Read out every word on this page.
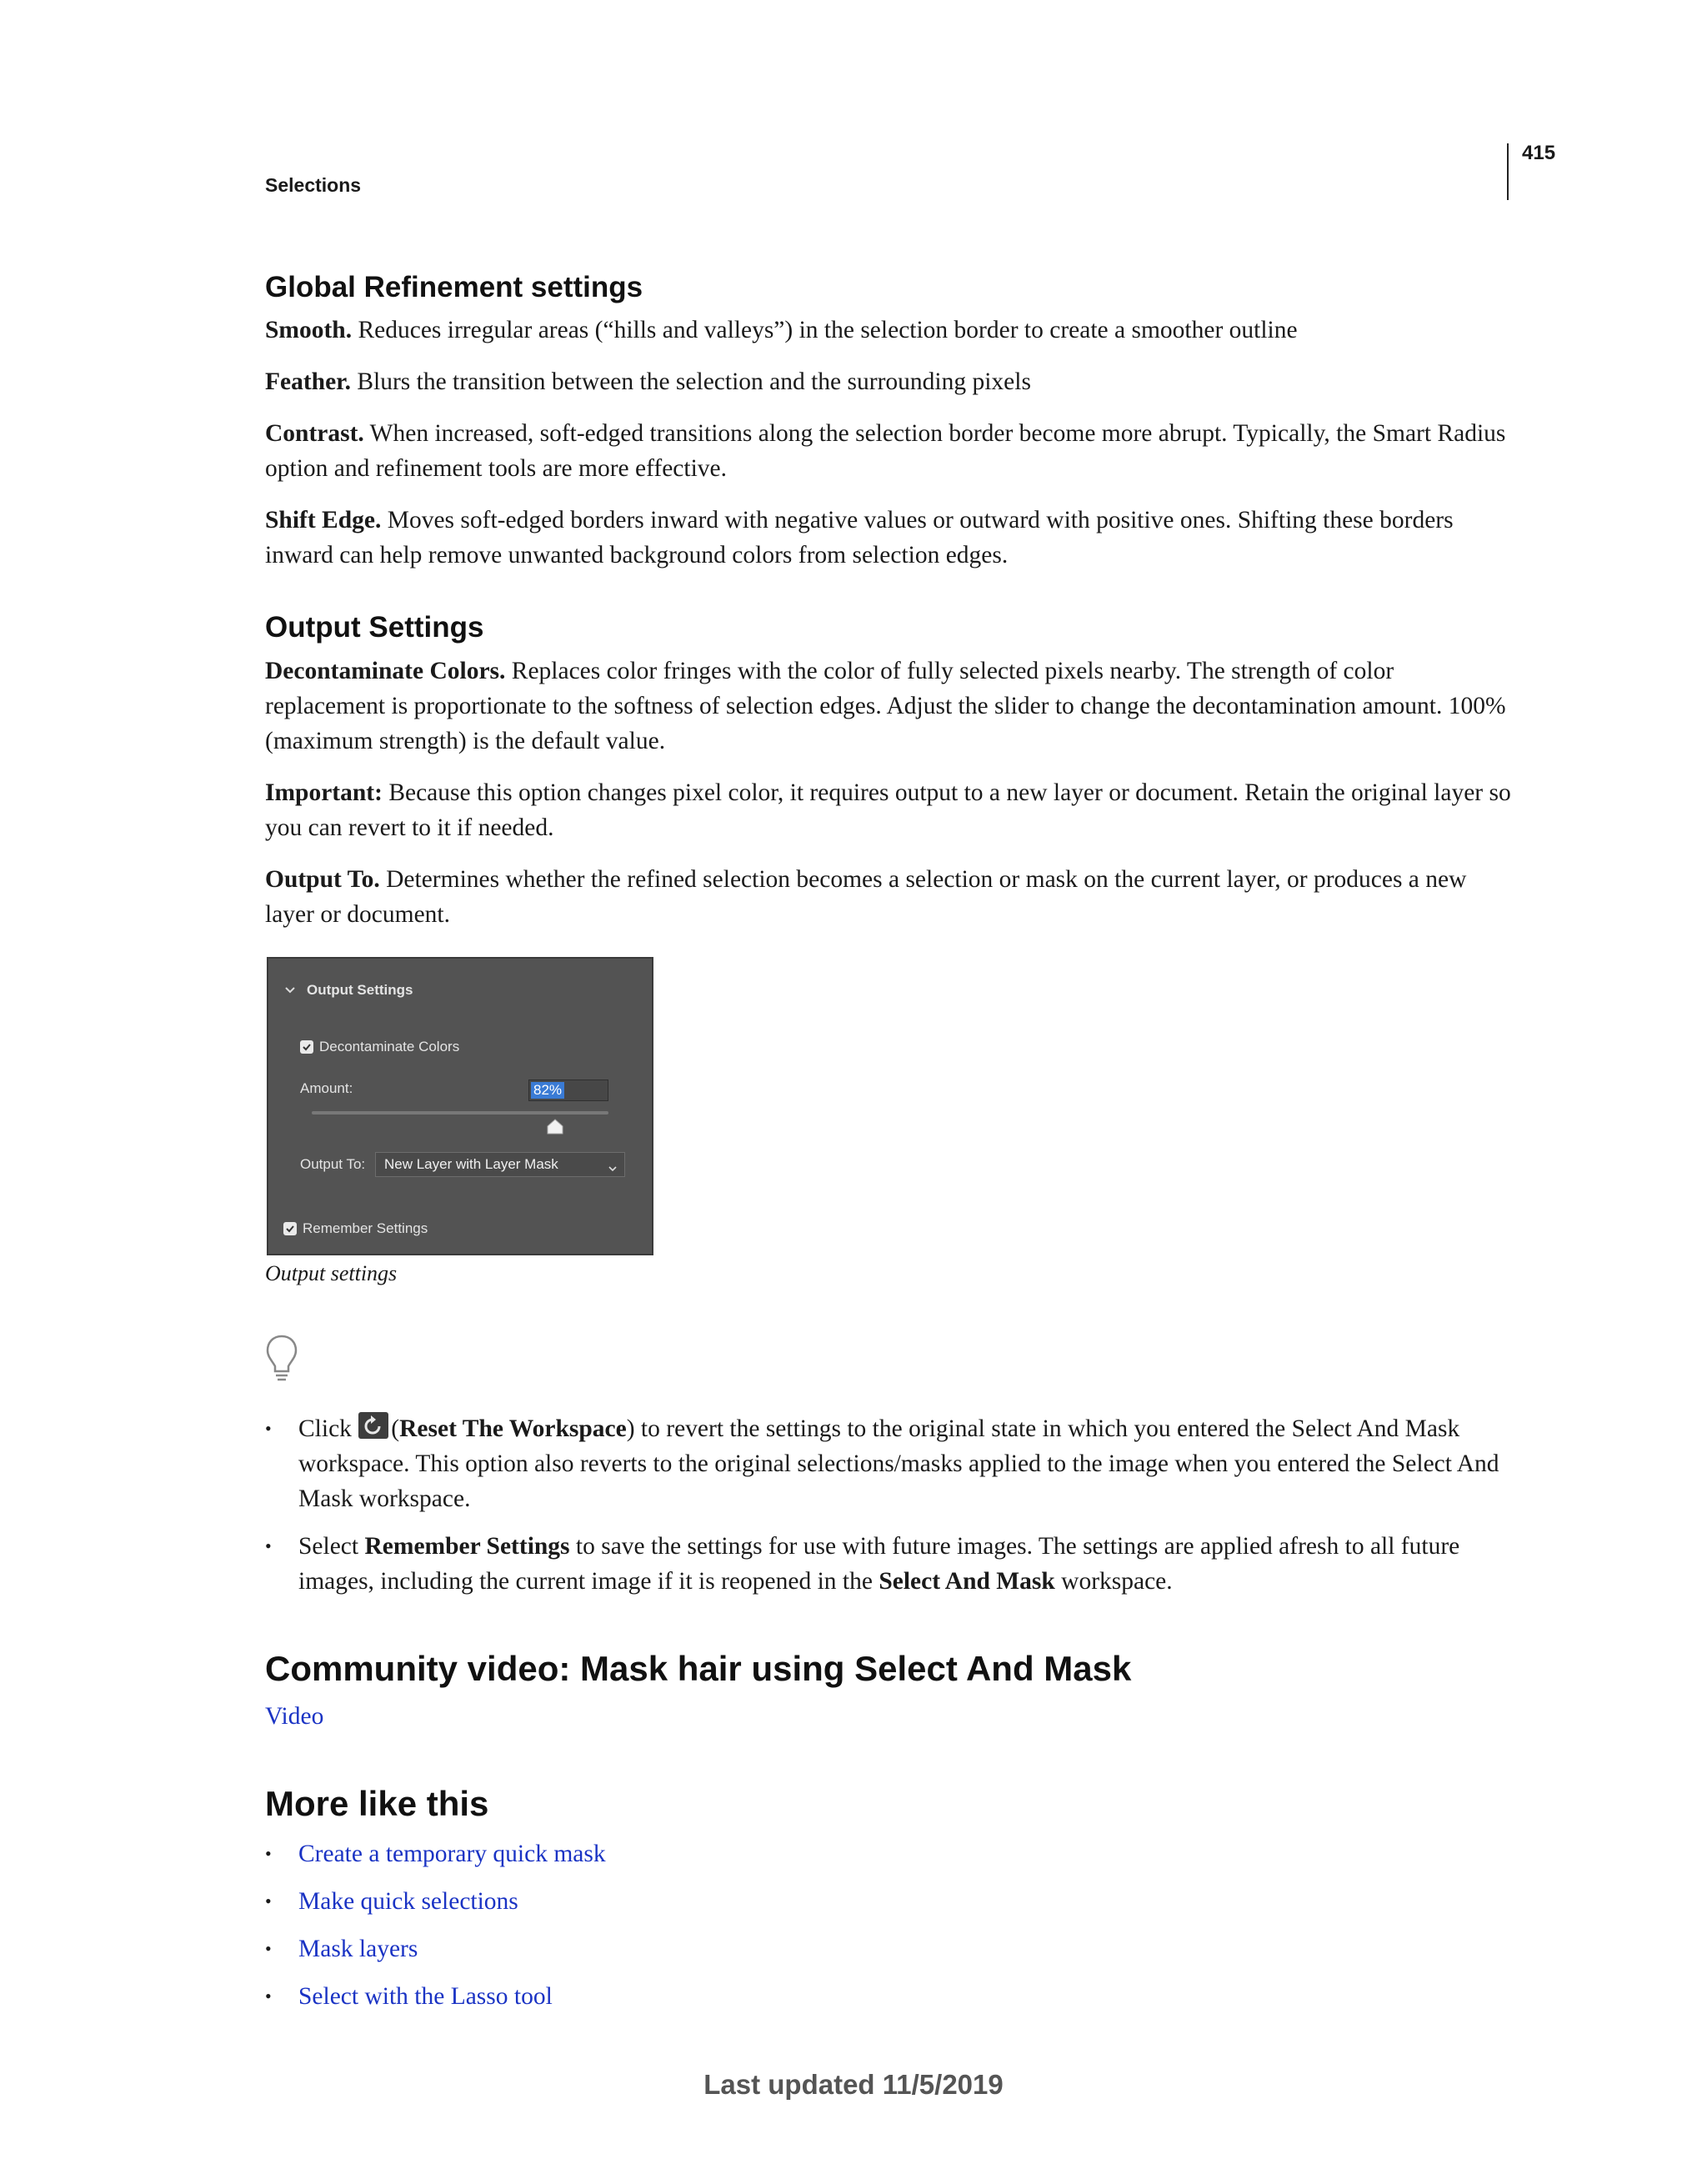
415
Selections
Global Refinement settings

Smooth. Reduces irregular areas (“hills and valleys”) in the selection border to create a smoother outline

Feather. Blurs the transition between the selection and the surrounding pixels

Contrast. When increased, soft-edged transitions along the selection border become more abrupt. Typically, the Smart Radius option and refinement tools are more effective.

Shift Edge. Moves soft-edged borders inward with negative values or outward with positive ones. Shifting these borders inward can help remove unwanted background colors from selection edges.

Output Settings

Decontaminate Colors. Replaces color fringes with the color of fully selected pixels nearby. The strength of color replacement is proportionate to the softness of selection edges. Adjust the slider to change the decontamination amount. 100% (maximum strength) is the default value.

Important: Because this option changes pixel color, it requires output to a new layer or document. Retain the original layer so you can revert to it if needed.

Output To. Determines whether the refined selection becomes a selection or mask on the current layer, or produces a new layer or document.

Output Settings
Decontaminate Colors
Amount:	82%
Output To: New Layer with Layer Mask
Remember Settings
Output settings
• Click (Reset The Workspace) to revert the settings to the original state in which you entered the Select And Mask workspace. This option also reverts to the original selections/masks applied to the image when you entered the Select And Mask workspace.
• Select Remember Settings to save the settings for use with future images. The settings are applied afresh to all future images, including the current image if it is reopened in the Select And Mask workspace.
Community video: Mask hair using Select And Mask
Video
More like this
• Create a temporary quick mask
• Make quick selections
• Mask layers
• Select with the Lasso tool
Last updated 11/5/2019
